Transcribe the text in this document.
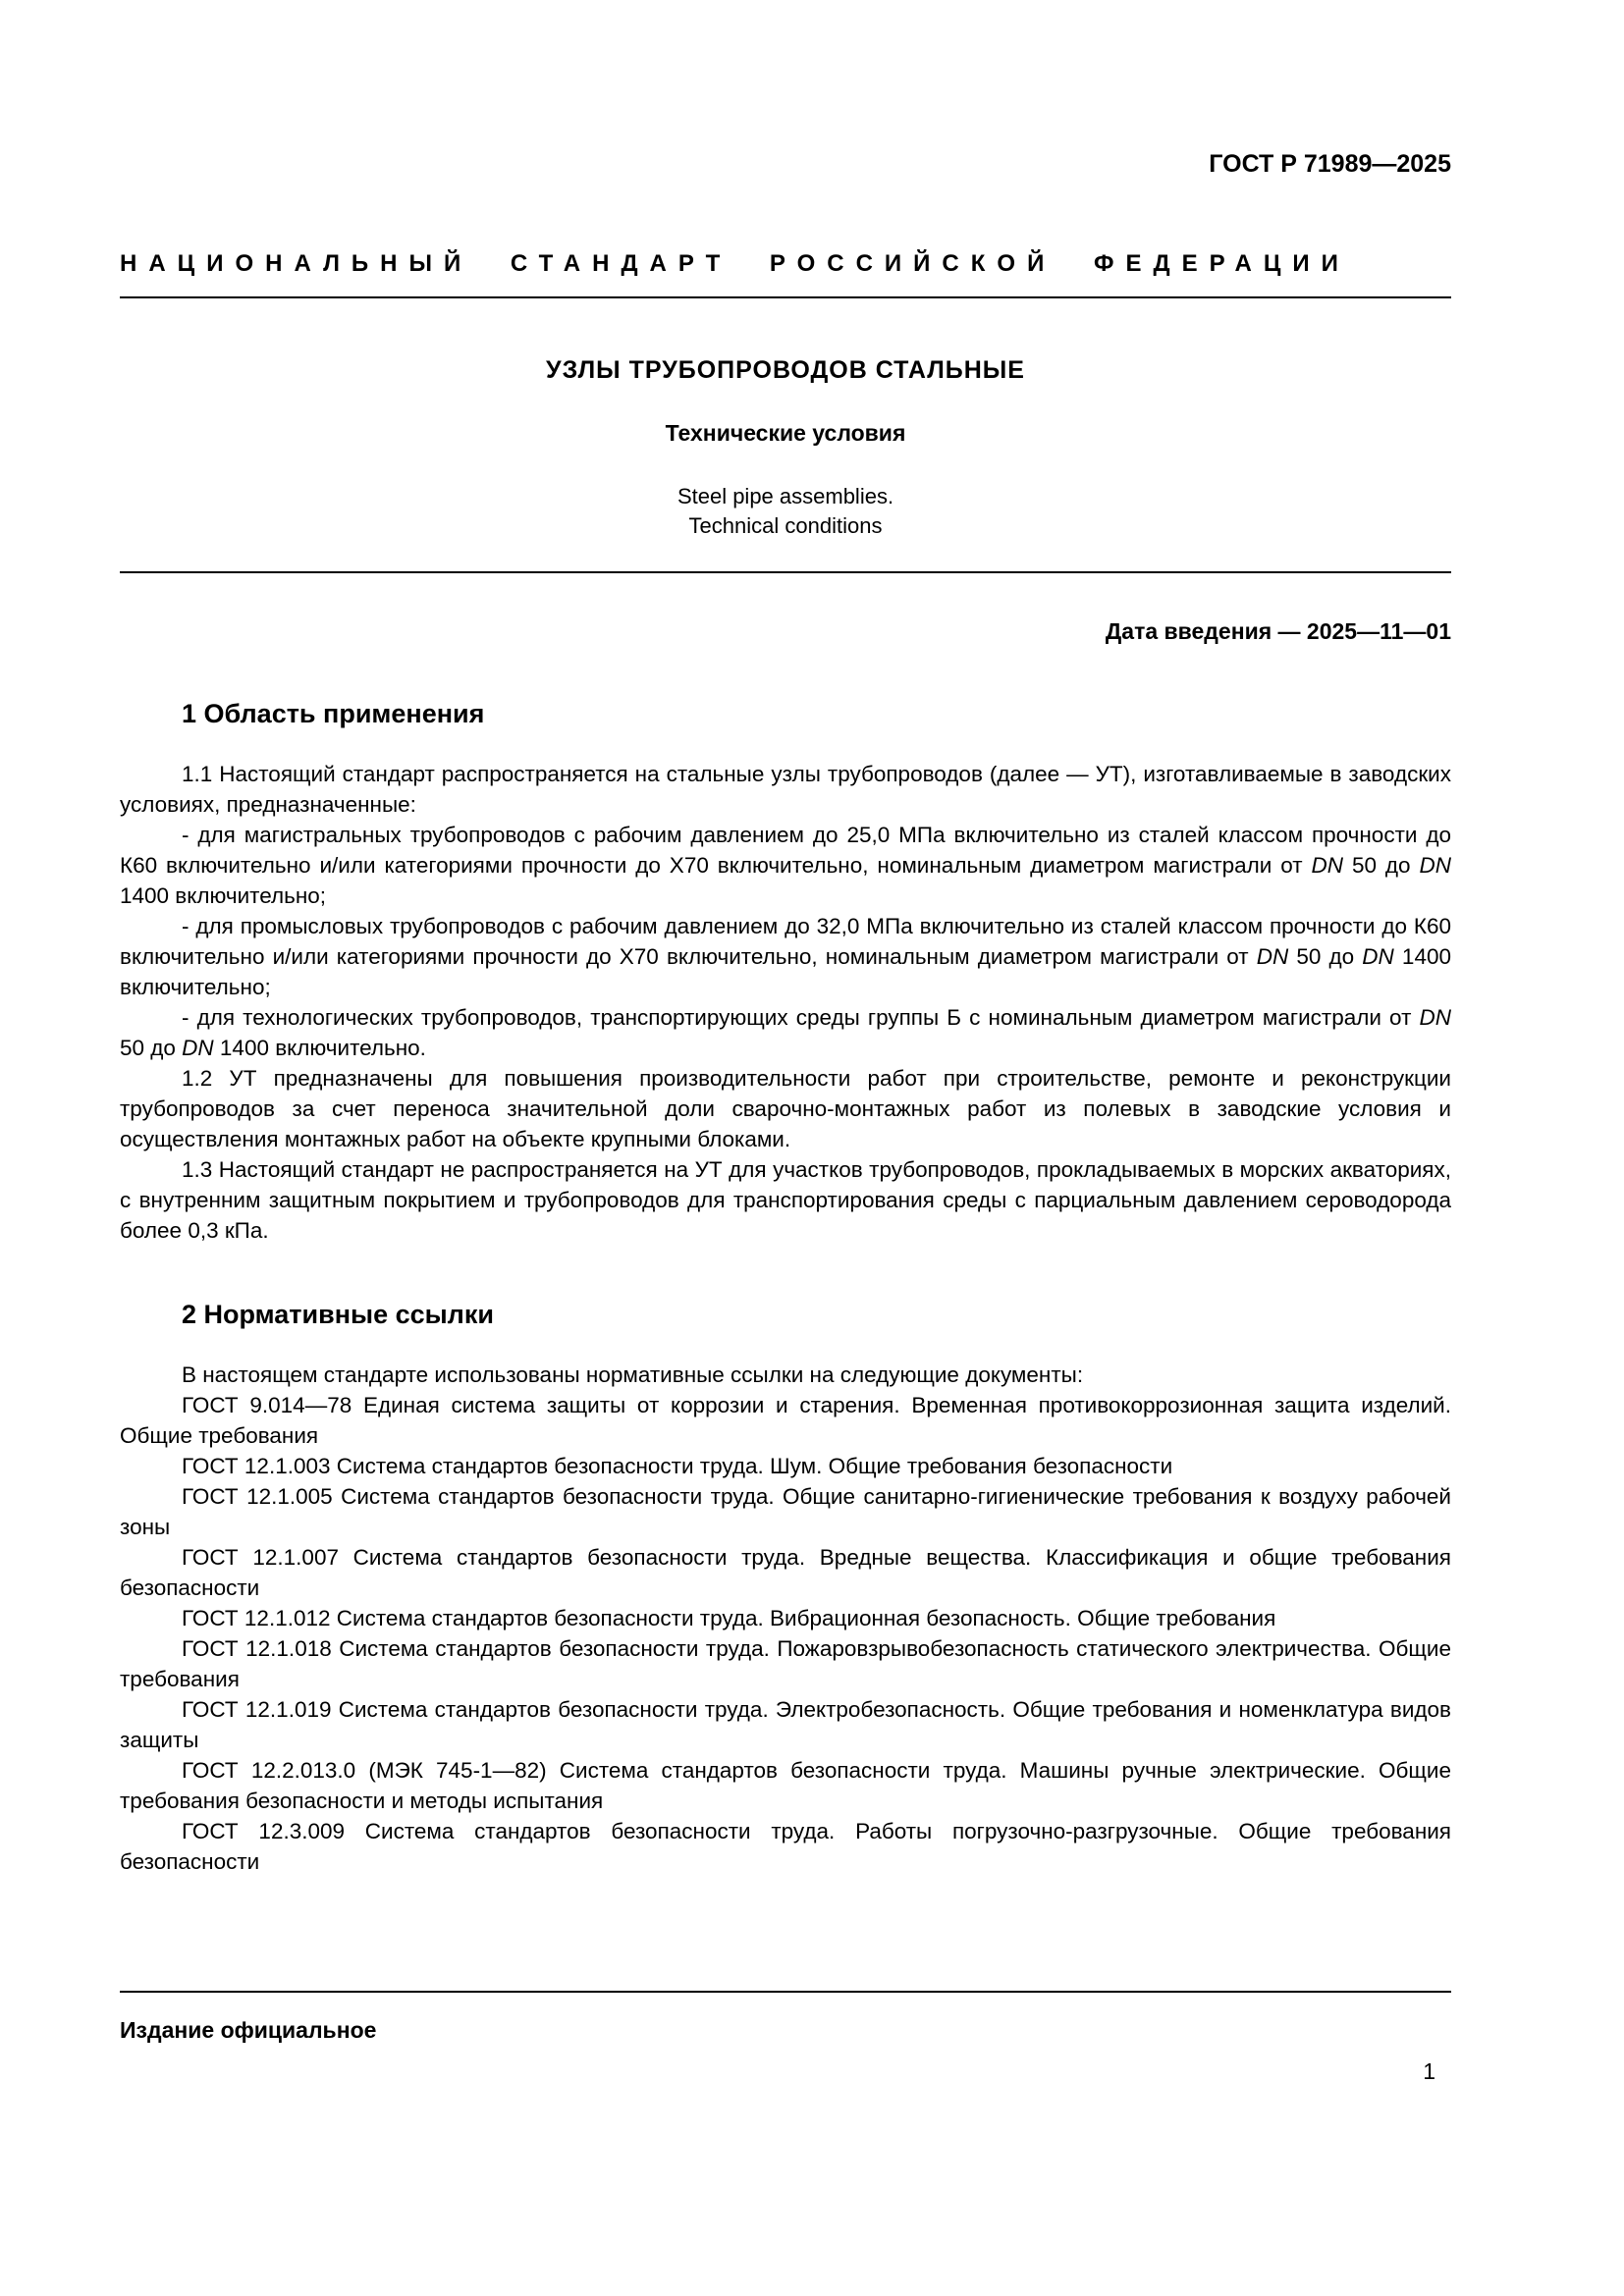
ГОСТ Р 71989—2025
НАЦИОНАЛЬНЫЙ СТАНДАРТ РОССИЙСКОЙ ФЕДЕРАЦИИ
УЗЛЫ ТРУБОПРОВОДОВ СТАЛЬНЫЕ
Технические условия
Steel pipe assemblies.
Technical conditions
Дата введения — 2025—11—01
1 Область применения

1.1 Настоящий стандарт распространяется на стальные узлы трубопроводов (далее — УТ), изготавливаемые в заводских условиях, предназначенные:

- для магистральных трубопроводов с рабочим давлением до 25,0 МПа включительно из сталей классом прочности до К60 включительно и/или категориями прочности до Х70 включительно, номинальным диаметром магистрали от DN 50 до DN 1400 включительно;

- для промысловых трубопроводов с рабочим давлением до 32,0 МПа включительно из сталей классом прочности до К60 включительно и/или категориями прочности до Х70 включительно, номинальным диаметром магистрали от DN 50 до DN 1400 включительно;

- для технологических трубопроводов, транспортирующих среды группы Б с номинальным диаметром магистрали от DN 50 до DN 1400 включительно.

1.2 УТ предназначены для повышения производительности работ при строительстве, ремонте и реконструкции трубопроводов за счет переноса значительной доли сварочно-монтажных работ из полевых в заводские условия и осуществления монтажных работ на объекте крупными блоками.

1.3 Настоящий стандарт не распространяется на УТ для участков трубопроводов, прокладываемых в морских акваториях, с внутренним защитным покрытием и трубопроводов для транспортирования среды с парциальным давлением сероводорода более 0,3 кПа.

2 Нормативные ссылки

В настоящем стандарте использованы нормативные ссылки на следующие документы:

ГОСТ 9.014—78 Единая система защиты от коррозии и старения. Временная противокоррозионная защита изделий. Общие требования

ГОСТ 12.1.003 Система стандартов безопасности труда. Шум. Общие требования безопасности

ГОСТ 12.1.005 Система стандартов безопасности труда. Общие санитарно-гигиенические требования к воздуху рабочей зоны

ГОСТ 12.1.007 Система стандартов безопасности труда. Вредные вещества. Классификация и общие требования безопасности

ГОСТ 12.1.012 Система стандартов безопасности труда. Вибрационная безопасность. Общие требования

ГОСТ 12.1.018 Система стандартов безопасности труда. Пожаровзрывобезопасность статического электричества. Общие требования

ГОСТ 12.1.019 Система стандартов безопасности труда. Электробезопасность. Общие требования и номенклатура видов защиты

ГОСТ 12.2.013.0 (МЭК 745-1—82) Система стандартов безопасности труда. Машины ручные электрические. Общие требования безопасности и методы испытания

ГОСТ 12.3.009 Система стандартов безопасности труда. Работы погрузочно-разгрузочные. Общие требования безопасности

Издание официальное
1
